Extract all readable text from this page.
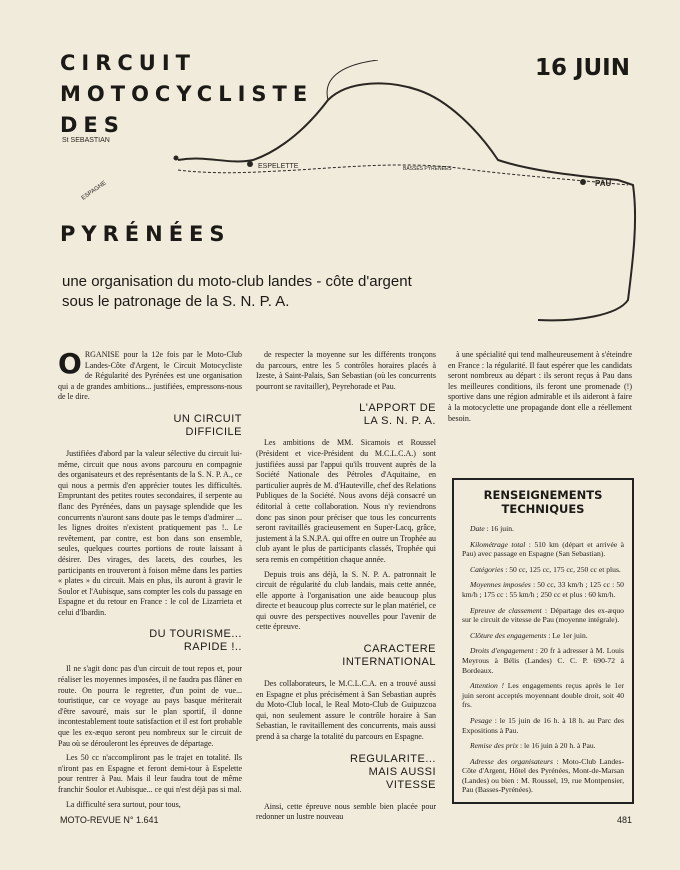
St SEBASTIAN
ESPELETTE	BASSES PYRENEES
PAU
ESPAGNE
CIRCUIT
MOTOCYCLISTE
DES
PYRÉNÉES
16 JUIN
une organisation du moto-club landes - côte d'argent sous le patronage de la S. N. P. A.

ORGANISE pour la 12e fois par le Moto-Club Landes-Côte d'Argent, le Circuit Motocycliste de Régularité des Pyrénées est une organisation qui a de grandes ambitions... justifiées, empressons-nous de le dire.

UN CIRCUIT
DIFFICILE

Justifiées d'abord par la valeur sélective du circuit lui-même, circuit que nous avons parcouru en compagnie des organisateurs et des représentants de la S. N. P. A., ce qui nous a permis d'en apprécier toutes les difficultés. Empruntant des petites routes secondaires, il serpente au flanc des Pyrénées, dans un paysage splendide que les concurrents n'auront sans doute pas le temps d'admirer ... les lignes droites n'existent pratiquement pas !.. Le revêtement, par contre, est bon dans son ensemble, seules, quelques courtes portions de route laissant à désirer. Des virages, des lacets, des courbes, les participants en trouveront à foison même dans les parties « plates » du circuit. Mais en plus, ils auront à gravir le Soulor et l'Aubisque, sans compter les cols du passage en Espagne et du retour en France : le col de Lizarrieta et celui d'Ibardin.

DU TOURISME...
RAPIDE !..

Il ne s'agit donc pas d'un circuit de tout repos et, pour réaliser les moyennes imposées, il ne faudra pas flâner en route. On pourra le regretter, d'un point de vue... touristique, car ce voyage au pays basque mériterait d'être savouré, mais sur le plan sportif, il donne incontestablement toute satisfaction et il est fort probable que les ex-æquo seront peu nombreux sur le circuit de Pau où se dérouleront les épreuves de départage.

Les 50 cc n'accompliront pas le trajet en totalité. Ils n'iront pas en Espagne et feront demi-tour à Espelette pour rentrer à Pau. Mais il leur faudra tout de même franchir Soulor et Aubisque... ce qui n'est déjà pas si mal.

La difficulté sera surtout, pour tous,

de respecter la moyenne sur les différents tronçons du parcours, entre les 5 contrôles horaires placés à Izeste, à Saint-Palais, San Sebastian (où les concurrents pourront se ravitailler), Peyrehorade et Pau.

L'APPORT DE
LA S. N. P. A.

Les ambitions de MM. Sicamois et Roussel (Président et vice-Président du M.C.L.C.A.) sont justifiées aussi par l'appui qu'ils trouvent auprès de la Société Nationale des Pétroles d'Aquitaine, en particulier auprès de M. d'Hauteville, chef des Relations Publiques de la Société. Nous avons déjà consacré un éditorial à cette collaboration. Nous n'y reviendrons donc pas sinon pour préciser que tous les concurrents seront ravitaillés gracieusement en Super-Lacq, grâce, justement à la S.N.P.A. qui offre en outre un Trophée au club ayant le plus de participants classés, Trophée qui sera remis en compétition chaque année.

Depuis trois ans déjà, la S. N. P. A. patronnait le circuit de régularité du club landais, mais cette année, elle apporte à l'organisation une aide beaucoup plus directe et beaucoup plus correcte sur le plan matériel, ce qui ouvre des perspectives nouvelles pour l'avenir de cette épreuve.

CARACTERE
INTERNATIONAL

Des collaborateurs, le M.C.L.C.A. en a trouvé aussi en Espagne et plus précisément à San Sebastian auprès du Moto-Club local, le Real Moto-Club de Guipuzcoa qui, non seulement assure le contrôle horaire à San Sebastian, le ravitaillement des concurrents, mais aussi prend à sa charge la totalité du parcours en Espagne.

REGULARITE...
MAIS AUSSI
VITESSE

Ainsi, cette épreuve nous semble bien placée pour redonner un lustre nouveau

à une spécialité qui tend malheureusement à s'éteindre en France : la régularité. Il faut espérer que les candidats seront nombreux au départ : ils seront reçus à Pau dans les meilleures conditions, ils feront une promenade (!) sportive dans une région admirable et ils aideront à faire à la motocyclette une propagande dont elle a réellement besoin.

RENSEIGNEMENTS
TECHNIQUES

Date : 16 juin.

Kilométrage total : 510 km (départ et arrivée à Pau) avec passage en Espagne (San Sebastian).

Catégories : 50 cc, 125 cc, 175 cc, 250 cc et plus.

Moyennes imposées : 50 cc, 33 km/h ; 125 cc : 50 km/h ; 175 cc : 55 km/h ; 250 cc et plus : 60 km/h.

Epreuve de classement : Départage des ex-æquo sur le circuit de vitesse de Pau (moyenne intégrale).

Clôture des engagements : Le 1er juin.

Droits d'engagement : 20 fr à adresser à M. Louis Meyrous à Bélis (Landes) C. C. P. 690-72 à Bordeaux.

Attention ! Les engagements reçus après le 1er juin seront acceptés moyennant double droit, soit 40 frs.

Pesage : le 15 juin de 16 h. à 18 h. au Parc des Expositions à Pau.

Remise des prix : le 16 juin à 20 h. à Pau.

Adresse des organisateurs : Moto-Club Landes-Côte d'Argent, Hôtel des Pyrénées, Mont-de-Marsan (Landes) ou bien : M. Roussel, 19, rue Montpensier, Pau (Basses-Pyrénées).

MOTO-REVUE N° 1.641	481
